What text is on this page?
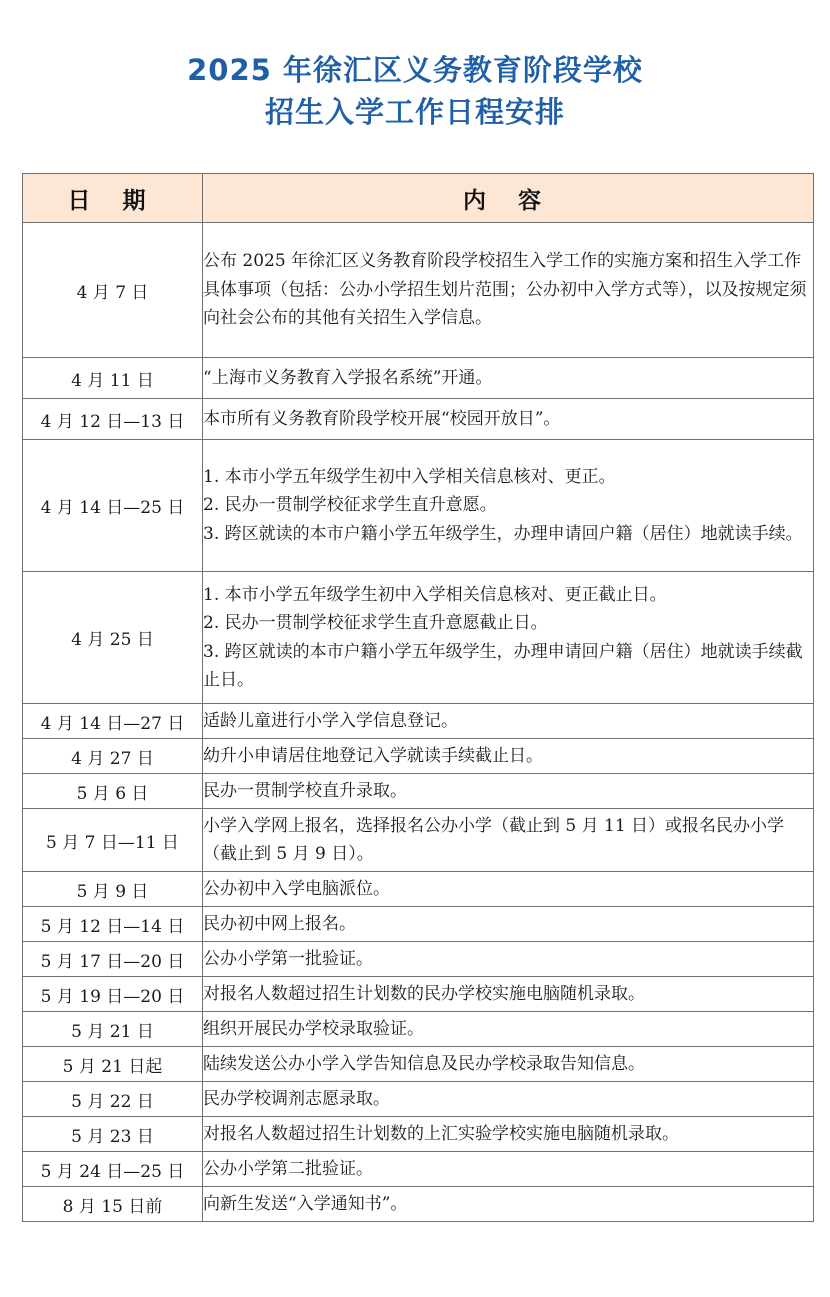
2025 年徐汇区义务教育阶段学校
招生入学工作日程安排
日 期	内 容
4 月 7 日	公布 2025 年徐汇区义务教育阶段学校招生入学工作的实施方案和招生入学工作具体事项（包括：公办小学招生划片范围；公办初中入学方式等），以及按规定须向社会公布的其他有关招生入学信息。

4 月 11 日	“上海市义务教育入学报名系统”开通。

4 月 12 日—13 日	本市所有义务教育阶段学校开展“校园开放日”。

4 月 14 日—25 日	1. 本市小学五年级学生初中入学相关信息核对、更正。

2. 民办一贯制学校征求学生直升意愿。

3. 跨区就读的本市户籍小学五年级学生，办理申请回户籍（居住）地就读手续。

4 月 25 日	1. 本市小学五年级学生初中入学相关信息核对、更正截止日。

2. 民办一贯制学校征求学生直升意愿截止日。

3. 跨区就读的本市户籍小学五年级学生，办理申请回户籍（居住）地就读手续截止日。

4 月 14 日—27 日	适龄儿童进行小学入学信息登记。

4 月 27 日	幼升小申请居住地登记入学就读手续截止日。

5 月 6 日	民办一贯制学校直升录取。

5 月 7 日—11 日	小学入学网上报名，选择报名公办小学（截止到 5 月 11 日）或报名民办小学（截止到 5 月 9 日）。

5 月 9 日	公办初中入学电脑派位。

5 月 12 日—14 日	民办初中网上报名。

5 月 17 日—20 日	公办小学第一批验证。

5 月 19 日—20 日	对报名人数超过招生计划数的民办学校实施电脑随机录取。

5 月 21 日	组织开展民办学校录取验证。

5 月 21 日起	陆续发送公办小学入学告知信息及民办学校录取告知信息。

5 月 22 日	民办学校调剂志愿录取。

5 月 23 日	对报名人数超过招生计划数的上汇实验学校实施电脑随机录取。

5 月 24 日—25 日	公办小学第二批验证。

8 月 15 日前	向新生发送“入学通知书”。
